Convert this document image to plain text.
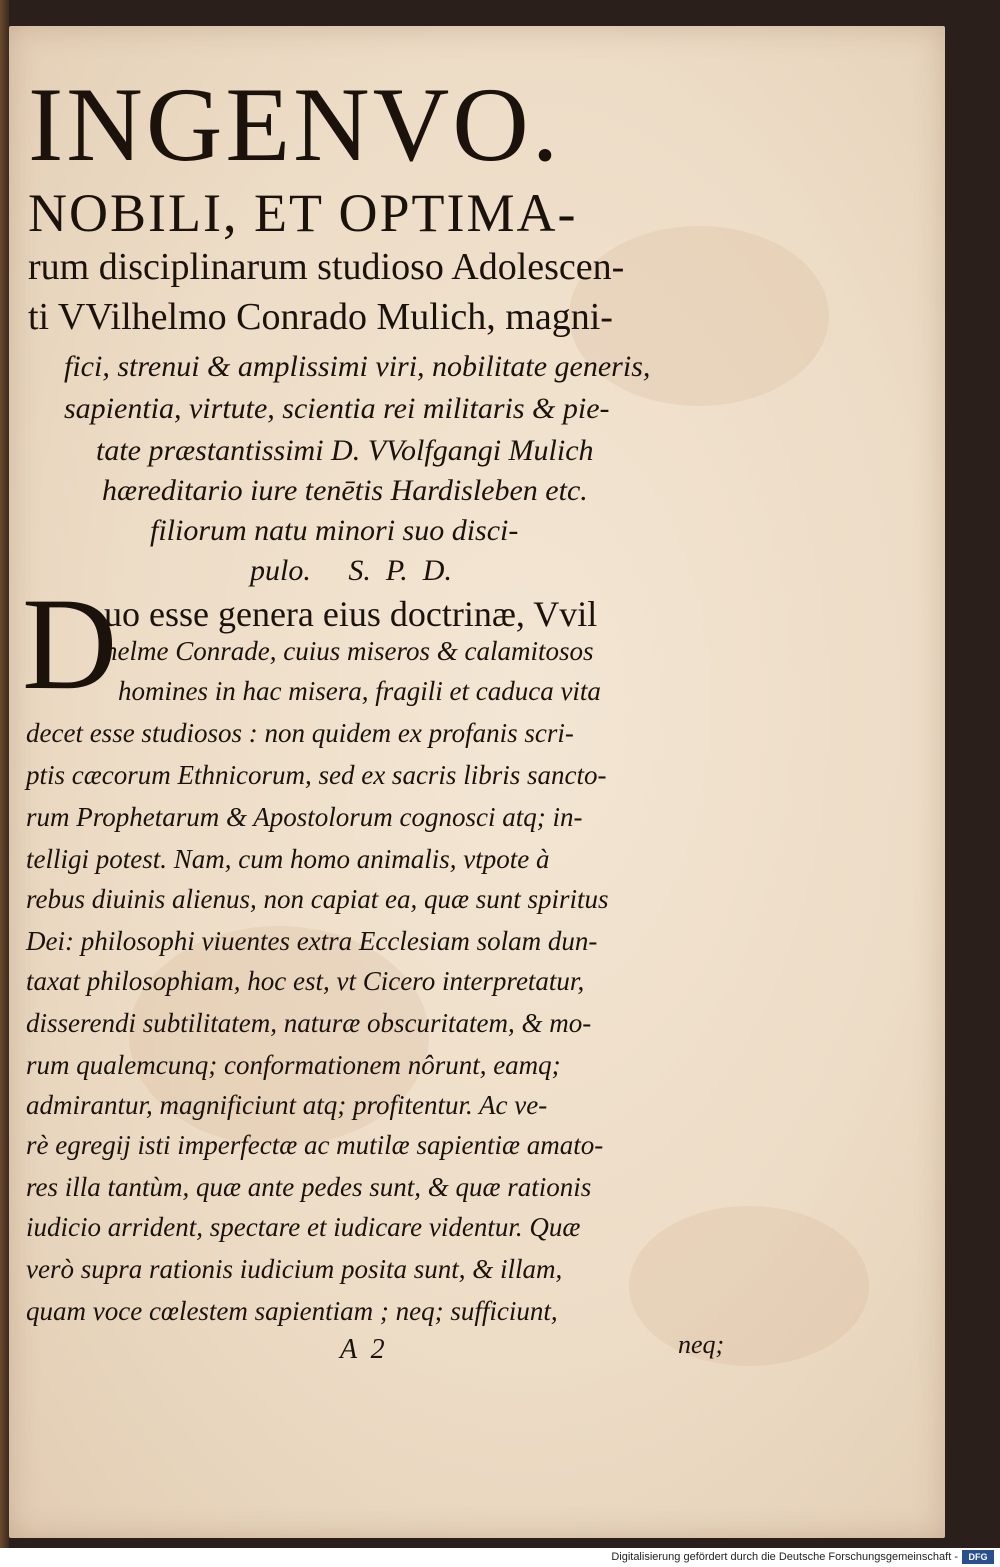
INGENVO.
NOBILI, ET OPTIMA-
rum disciplinarum studioso Adolescen-
ti VVilhelmo Conrado Mulich, magni-
fici, strenui & amplissimi viri, nobilitate generis,
sapientia, virtute, scientia rei militaris & pie-
tate præstantissimi D. VVolfgangi Mulich
hæreditario iure tenētis Hardisleben etc.
filiorum natu minori suo disci-
pulo.     S.  P.  D.
D
uo esse genera eius doctrinæ, Vvil
helme Conrade, cuius miseros & calamitosos
homines in hac misera, fragili et caduca vita
decet esse studiosos : non quidem ex profanis scri-
ptis cæcorum Ethnicorum, sed ex sacris libris sancto-
rum Prophetarum & Apostolorum cognosci atq; in-
telligi potest. Nam, cum homo animalis, vtpote à
rebus diuinis alienus, non capiat ea, quæ sunt spiritus
Dei: philosophi viuentes extra Ecclesiam solam dun-
taxat philosophiam, hoc est, vt Cicero interpretatur,
disserendi subtilitatem, naturæ obscuritatem, & mo-
rum qualemcunq; conformationem nôrunt, eamq;
admirantur, magnificiunt atq; profitentur. Ac ve-
rè egregij isti imperfectæ ac mutilæ sapientiæ amato-
res illa tantùm, quæ ante pedes sunt, & quæ rationis
iudicio arrident, spectare et iudicare videntur. Quæ
verò supra rationis iudicium posita sunt, & illam,
quam voce cœlestem sapientiam ; neq; sufficiunt,
A  2	neq;
Digitalisierung gefördert durch die Deutsche Forschungsgemeinschaft -	DFG
